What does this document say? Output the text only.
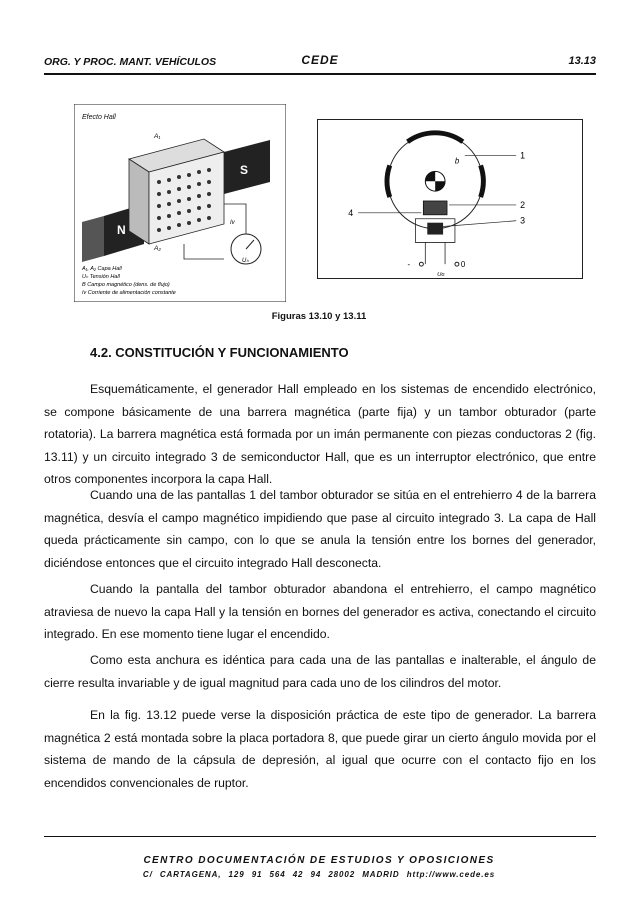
ORG. Y PROC. MANT. VEHÍCULOS	CEDE	13.13
Efecto Hall
N
S
A₁
A₂
Uₕ
Iv
A₁, A₂ Capa Hall
Uₕ Tensión Hall
B Campo magnético (dens. de flujo)
Iv Corriente de alimentación constante
b
-	0
Uɢ
1
2
3
4
Figuras 13.10 y 13.11
4.2. CONSTITUCIÓN Y FUNCIONAMIENTO

Esquemáticamente, el generador Hall empleado en los sistemas de encendido electrónico, se compone básicamente de una barrera magnética (parte fija) y un tambor obturador (parte rotatoria). La barrera magnética está formada por un imán permanente con piezas conductoras 2 (fig. 13.11) y un circuito integrado 3 de semiconductor Hall, que es un interruptor electrónico, que entre otros componentes incorpora la capa Hall.

Cuando una de las pantallas 1 del tambor obturador se sitúa en el entrehierro 4 de la barrera magnética, desvía el campo magnético impidiendo que pase al circuito integrado 3. La capa de Hall queda prácticamente sin campo, con lo que se anula la tensión entre los bornes del generador, diciéndose entonces que el circuito integrado Hall desconecta.

Cuando la pantalla del tambor obturador abandona el entrehierro, el campo magnético atraviesa de nuevo la capa Hall y la tensión en bornes del generador es activa, conectando el circuito integrado. En ese momento tiene lugar el encendido.

Como esta anchura es idéntica para cada una de las pantallas e inalterable, el ángulo de cierre resulta invariable y de igual magnitud para cada uno de los cilindros del motor.

En la fig. 13.12 puede verse la disposición práctica de este tipo de generador. La barrera magnética 2 está montada sobre la placa portadora 8, que puede girar un cierto ángulo movida por el sistema de mando de la cápsula de depresión, al igual que ocurre con el contacto fijo en los encendidos convencionales de ruptor.

CENTRO DOCUMENTACIÓN DE ESTUDIOS Y OPOSICIONES
C/ CARTAGENA, 129 91 564 42 94 28002 MADRID http://www.cede.es
